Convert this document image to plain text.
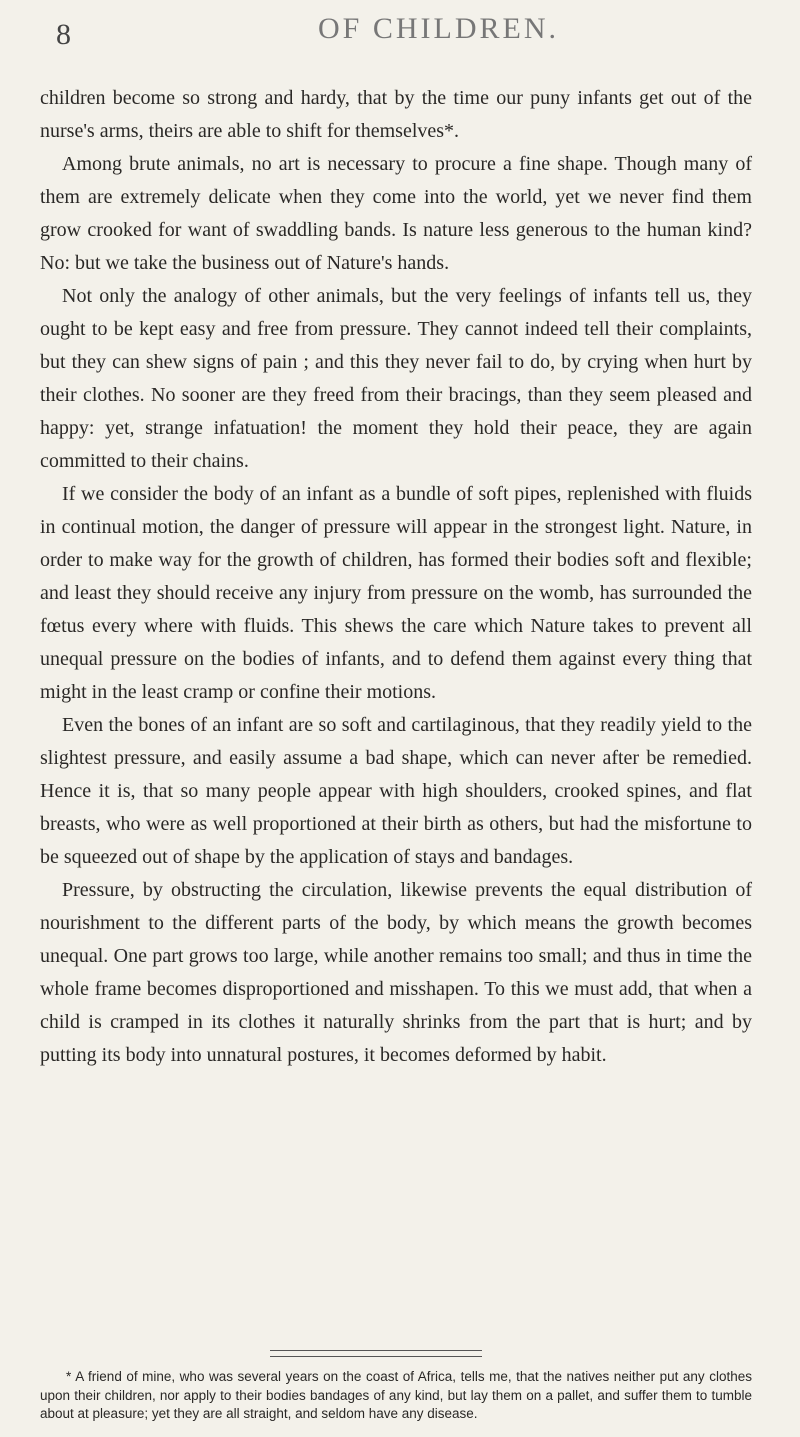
8	OF CHILDREN.

children become so strong and hardy, that by the time our puny infants get out of the nurse's arms, theirs are able to shift for themselves*.

Among brute animals, no art is necessary to procure a fine shape. Though many of them are extremely delicate when they come into the world, yet we never find them grow crooked for want of swaddling bands. Is nature less generous to the human kind? No: but we take the business out of Nature's hands.

Not only the analogy of other animals, but the very feelings of infants tell us, they ought to be kept easy and free from pressure. They cannot indeed tell their complaints, but they can shew signs of pain ; and this they never fail to do, by crying when hurt by their clothes. No sooner are they freed from their bracings, than they seem pleased and happy: yet, strange infatuation! the moment they hold their peace, they are again committed to their chains.

If we consider the body of an infant as a bundle of soft pipes, replenished with fluids in continual motion, the danger of pressure will appear in the strongest light. Nature, in order to make way for the growth of children, has formed their bodies soft and flexible; and least they should receive any injury from pressure on the womb, has surrounded the fœtus every where with fluids. This shews the care which Nature takes to prevent all unequal pressure on the bodies of infants, and to defend them against every thing that might in the least cramp or confine their motions.

Even the bones of an infant are so soft and cartilaginous, that they readily yield to the slightest pressure, and easily assume a bad shape, which can never after be remedied. Hence it is, that so many people appear with high shoulders, crooked spines, and flat breasts, who were as well proportioned at their birth as others, but had the misfortune to be squeezed out of shape by the application of stays and bandages.

Pressure, by obstructing the circulation, likewise prevents the equal distribution of nourishment to the different parts of the body, by which means the growth becomes unequal. One part grows too large, while another remains too small; and thus in time the whole frame becomes disproportioned and misshapen. To this we must add, that when a child is cramped in its clothes it naturally shrinks from the part that is hurt; and by putting its body into unnatural postures, it becomes deformed by habit.

* A friend of mine, who was several years on the coast of Africa, tells me, that the natives neither put any clothes upon their children, nor apply to their bodies bandages of any kind, but lay them on a pallet, and suffer them to tumble about at pleasure; yet they are all straight, and seldom have any disease.
